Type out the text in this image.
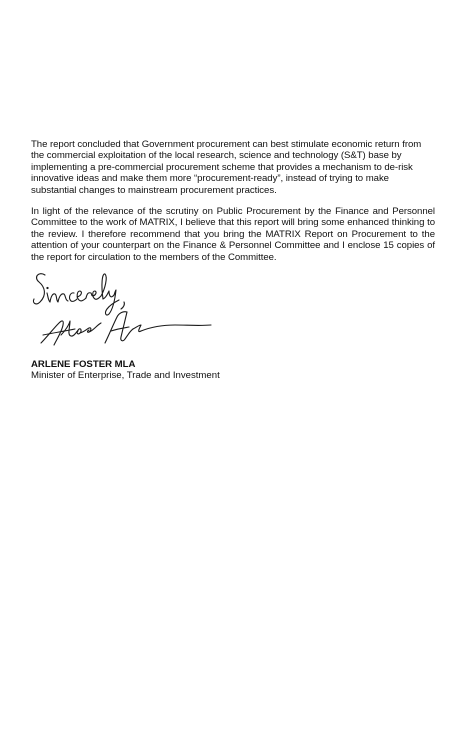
The report concluded that Government procurement can best stimulate economic return from the commercial exploitation of the local research, science and technology (S&T) base by implementing a pre-commercial procurement scheme that provides a mechanism to de-risk innovative ideas and make them more “procurement-ready”, instead of trying to make substantial changes to mainstream procurement practices.

In light of the relevance of the scrutiny on Public Procurement by the Finance and Personnel Committee to the work of MATRIX, I believe that this report will bring some enhanced thinking to the review. I therefore recommend that you bring the MATRIX Report on Procurement to the attention of your counterpart on the Finance & Personnel Committee and I enclose 15 copies of the report for circulation to the members of the Committee.

ARLENE FOSTER MLA

Minister of Enterprise, Trade and Investment
